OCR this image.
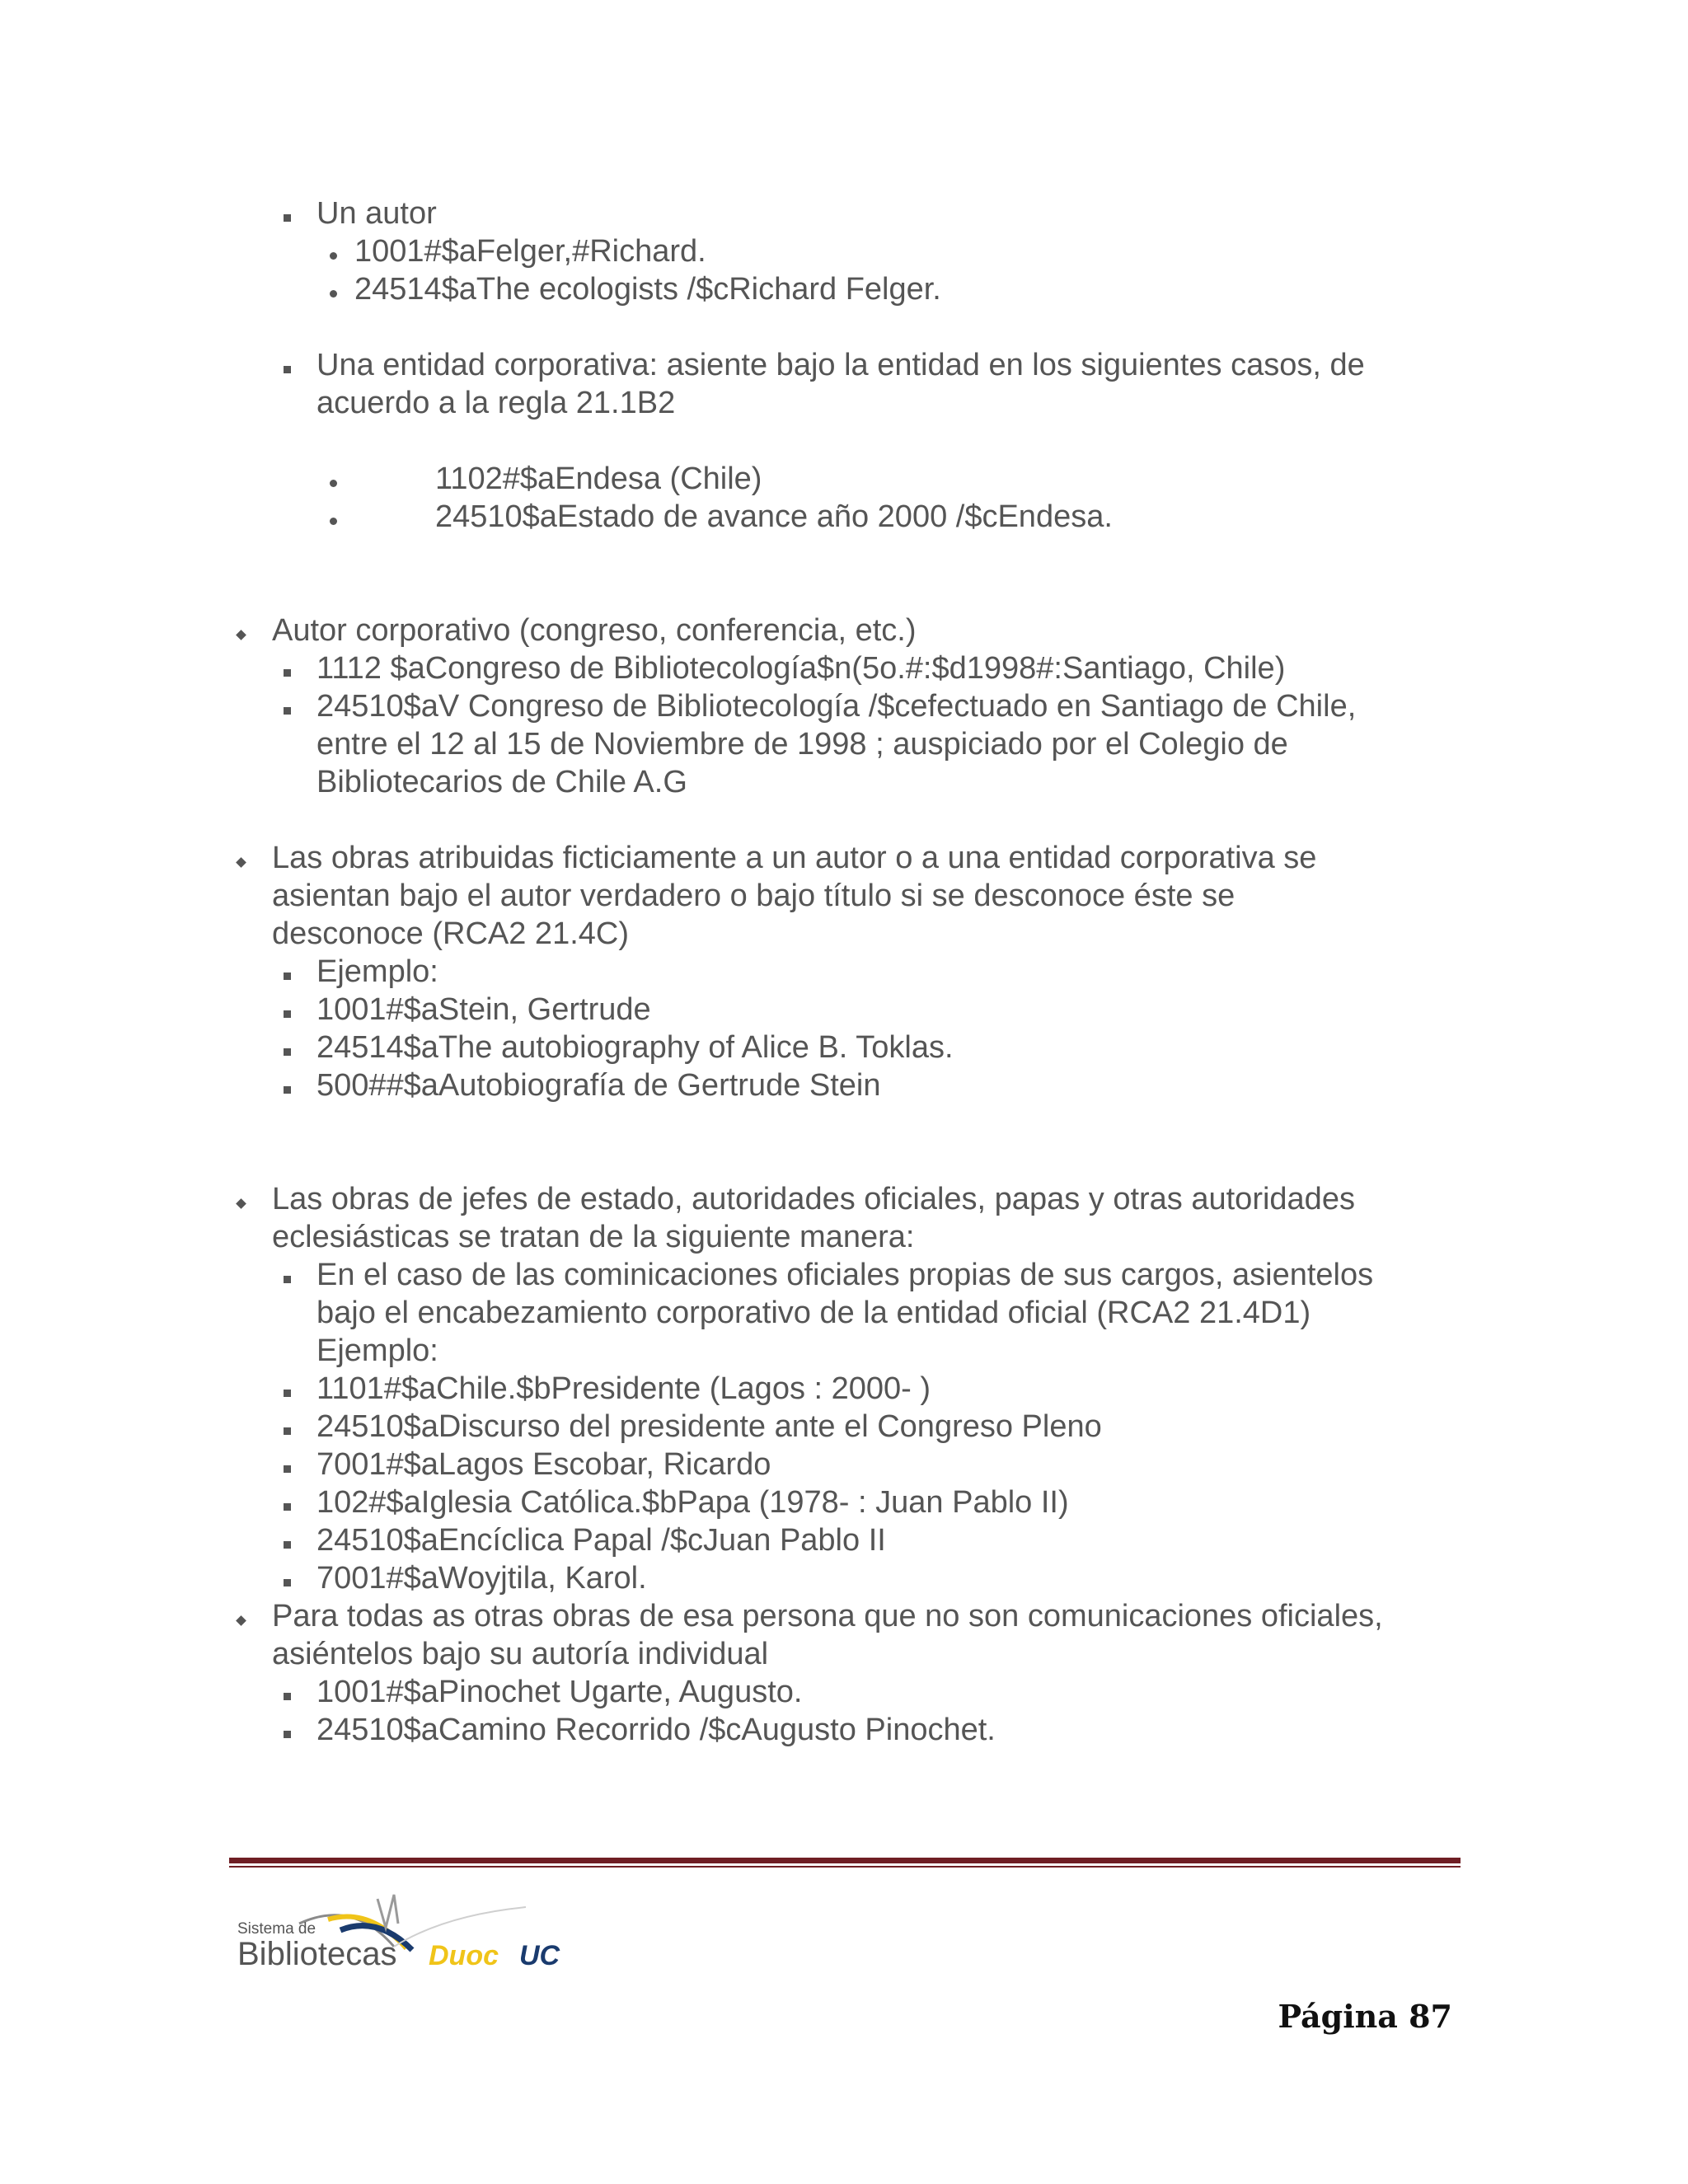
Un autor
1001#$aFelger,#Richard.
24514$aThe ecologists /$cRichard Felger.
Una entidad corporativa: asiente bajo la entidad en los siguientes casos, de
acuerdo a la regla 21.1B2
1102#$aEndesa (Chile)
24510$aEstado de avance año 2000 /$cEndesa.
Autor corporativo (congreso, conferencia, etc.)
1112 $aCongreso de Bibliotecología$n(5o.#:$d1998#:Santiago, Chile)
24510$aV Congreso de Bibliotecología /$cefectuado en Santiago de Chile,
entre el 12 al 15 de Noviembre de 1998 ; auspiciado por el Colegio de
Bibliotecarios de Chile A.G
Las obras atribuidas ficticiamente a un autor o a una entidad corporativa se
asientan bajo el autor verdadero o bajo título si se desconoce éste se
desconoce (RCA2 21.4C)
Ejemplo:
1001#$aStein, Gertrude
24514$aThe autobiography of Alice B. Toklas.
500##$aAutobiografía de Gertrude Stein
Las obras de jefes de estado, autoridades oficiales, papas y otras autoridades
eclesiásticas se tratan de la siguiente manera:
En el caso de las cominicaciones oficiales propias de sus cargos, asientelos
bajo el encabezamiento corporativo de la entidad oficial (RCA2 21.4D1)
Ejemplo:
1101#$aChile.$bPresidente (Lagos : 2000- )
24510$aDiscurso del presidente ante el Congreso Pleno
7001#$aLagos Escobar, Ricardo
102#$aIglesia Católica.$bPapa (1978- : Juan Pablo II)
24510$aEncíclica Papal /$cJuan Pablo II
7001#$aWoyjtila, Karol.
Para todas as otras obras de esa persona que no son comunicaciones oficiales,
asiéntelos bajo su autoría individual
1001#$aPinochet Ugarte, Augusto.
24510$aCamino Recorrido /$cAugusto Pinochet.
Sistema de
Bibliotecas Duoc UC
Página 87
